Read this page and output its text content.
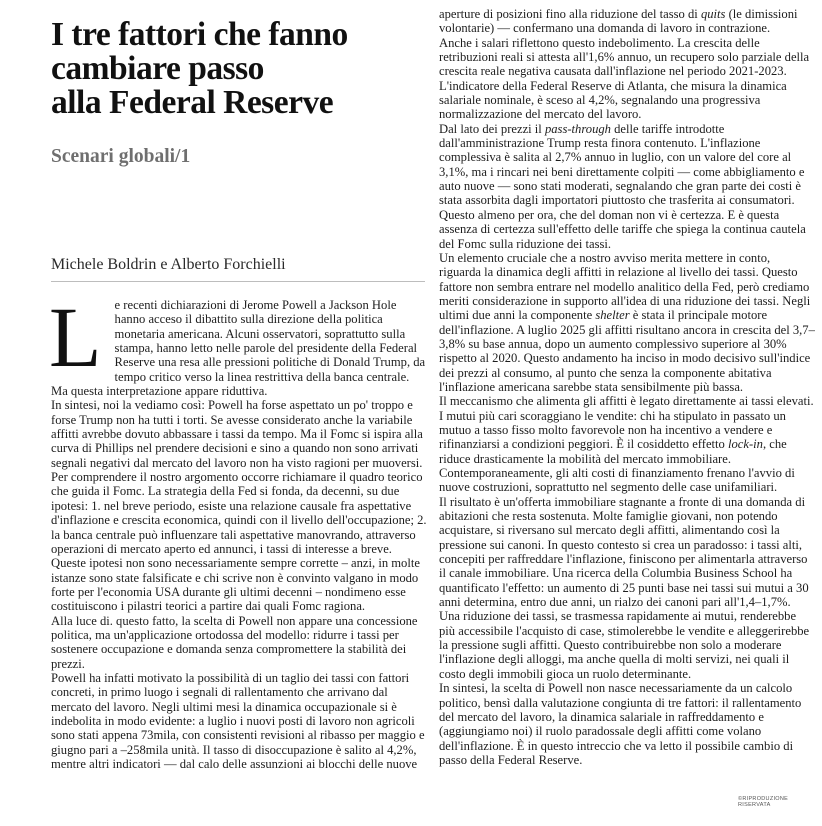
I tre fattori che fanno
cambiare passo
alla Federal Reserve

Scenari globali/1

Michele Boldrin e Alberto Forchielli

L	e recenti dichiarazioni di Jerome Powell a Jackson Hole hanno acceso il dibattito sulla direzione della politica monetaria americana. Alcuni osservatori, soprattutto sulla stampa, hanno letto nelle parole del presidente della Federal Reserve una resa alle pressioni politiche di Donald Trump, da tempo critico verso la linea restrittiva della banca centrale. Ma questa interpretazione appare riduttiva.

In sintesi, noi la vediamo così: Powell ha forse aspettato un po' troppo e forse Trump non ha tutti i torti. Se avesse considerato anche la variabile affitti avrebbe dovuto abbassare i tassi da tempo. Ma il Fomc si ispira alla curva di Phillips nel prendere decisioni e sino a quando non sono arrivati segnali negativi dal mercato del lavoro non ha visto ragioni per muoversi.

Per comprendere il nostro argomento occorre richiamare il quadro teorico che guida il Fomc. La strategia della Fed si fonda, da decenni, su due ipotesi: 1. nel breve periodo, esiste una relazione causale fra aspettative d'inflazione e crescita economica, quindi con il livello dell'occupazione; 2. la banca centrale può influenzare tali aspettative manovrando, attraverso operazioni di mercato aperto ed annunci, i tassi di interesse a breve.

Queste ipotesi non sono necessariamente sempre corrette – anzi, in molte istanze sono state falsificate e chi scrive non è convinto valgano in modo forte per l'economia USA durante gli ultimi decenni – nondimeno esse costituiscono i pilastri teorici a partire dai quali Fomc ragiona.

Alla luce di. questo fatto, la scelta di Powell non appare una concessione politica, ma un'applicazione ortodossa del modello: ridurre i tassi per sostenere occupazione e domanda senza compromettere la stabilità dei prezzi.

Powell ha infatti motivato la possibilità di un taglio dei tassi con fattori concreti, in primo luogo i segnali di rallentamento che arrivano dal mercato del lavoro. Negli ultimi mesi la dinamica occupazionale si è indebolita in modo evidente: a luglio i nuovi posti di lavoro non agricoli sono stati appena 73mila, con consistenti revisioni al ribasso per maggio e giugno pari a –258mila unità. Il tasso di disoccupazione è salito al 4,2%, mentre altri indicatori — dal calo delle assunzioni ai blocchi delle nuove

aperture di posizioni fino alla riduzione del tasso di quits (le dimissioni volontarie) — confermano una domanda di lavoro in contrazione.

Anche i salari riflettono questo indebolimento. La crescita delle retribuzioni reali si attesta all'1,6% annuo, un recupero solo parziale della crescita reale negativa causata dall'inflazione nel periodo 2021-2023. L'indicatore della Federal Reserve di Atlanta, che misura la dinamica salariale nominale, è sceso al 4,2%, segnalando una progressiva normalizzazione del mercato del lavoro.

Dal lato dei prezzi il pass-through delle tariffe introdotte dall'amministrazione Trump resta finora contenuto. L'inflazione complessiva è salita al 2,7% annuo in luglio, con un valore del core al 3,1%, ma i rincari nei beni direttamente colpiti — come abbigliamento e auto nuove — sono stati moderati, segnalando che gran parte dei costi è stata assorbita dagli importatori piuttosto che trasferita ai consumatori. Questo almeno per ora, che del doman non vi è certezza. E è questa assenza di certezza sull'effetto delle tariffe che spiega la continua cautela del Fomc sulla riduzione dei tassi.

Un elemento cruciale che a nostro avviso merita mettere in conto, riguarda la dinamica degli affitti in relazione al livello dei tassi. Questo fattore non sembra entrare nel modello analitico della Fed, però crediamo meriti considerazione in supporto all'idea di una riduzione dei tassi. Negli ultimi due anni la componente shelter è stata il principale motore dell'inflazione. A luglio 2025 gli affitti risultano ancora in crescita del 3,7–3,8% su base annua, dopo un aumento complessivo superiore al 30% rispetto al 2020. Questo andamento ha inciso in modo decisivo sull'indice dei prezzi al consumo, al punto che senza la componente abitativa l'inflazione americana sarebbe stata sensibilmente più bassa.

Il meccanismo che alimenta gli affitti è legato direttamente ai tassi elevati. I mutui più cari scoraggiano le vendite: chi ha stipulato in passato un mutuo a tasso fisso molto favorevole non ha incentivo a vendere e rifinanziarsi a condizioni peggiori. È il cosiddetto effetto lock-in, che riduce drasticamente la mobilità del mercato immobiliare. Contemporaneamente, gli alti costi di finanziamento frenano l'avvio di nuove costruzioni, soprattutto nel segmento delle case unifamiliari.

Il risultato è un'offerta immobiliare stagnante a fronte di una domanda di abitazioni che resta sostenuta. Molte famiglie giovani, non potendo acquistare, si riversano sul mercato degli affitti, alimentando così la pressione sui canoni. In questo contesto si crea un paradosso: i tassi alti, concepiti per raffreddare l'inflazione, finiscono per alimentarla attraverso il canale immobiliare. Una ricerca della Columbia Business School ha quantificato l'effetto: un aumento di 25 punti base nei tassi sui mutui a 30 anni determina, entro due anni, un rialzo dei canoni pari all'1,4–1,7%.

Una riduzione dei tassi, se trasmessa rapidamente ai mutui, renderebbe più accessibile l'acquisto di case, stimolerebbe le vendite e alleggerirebbe la pressione sugli affitti. Questo contribuirebbe non solo a moderare l'inflazione degli alloggi, ma anche quella di molti servizi, nei quali il costo degli immobili gioca un ruolo determinante.

In sintesi, la scelta di Powell non nasce necessariamente da un calcolo politico, bensì dalla valutazione congiunta di tre fattori: il rallentamento del mercato del lavoro, la dinamica salariale in raffreddamento e (aggiungiamo noi) il ruolo paradossale degli affitti come volano dell'inflazione. È in questo intreccio che va letto il possibile cambio di passo della Federal Reserve.

©RIPRODUZIONE RISERVATA
